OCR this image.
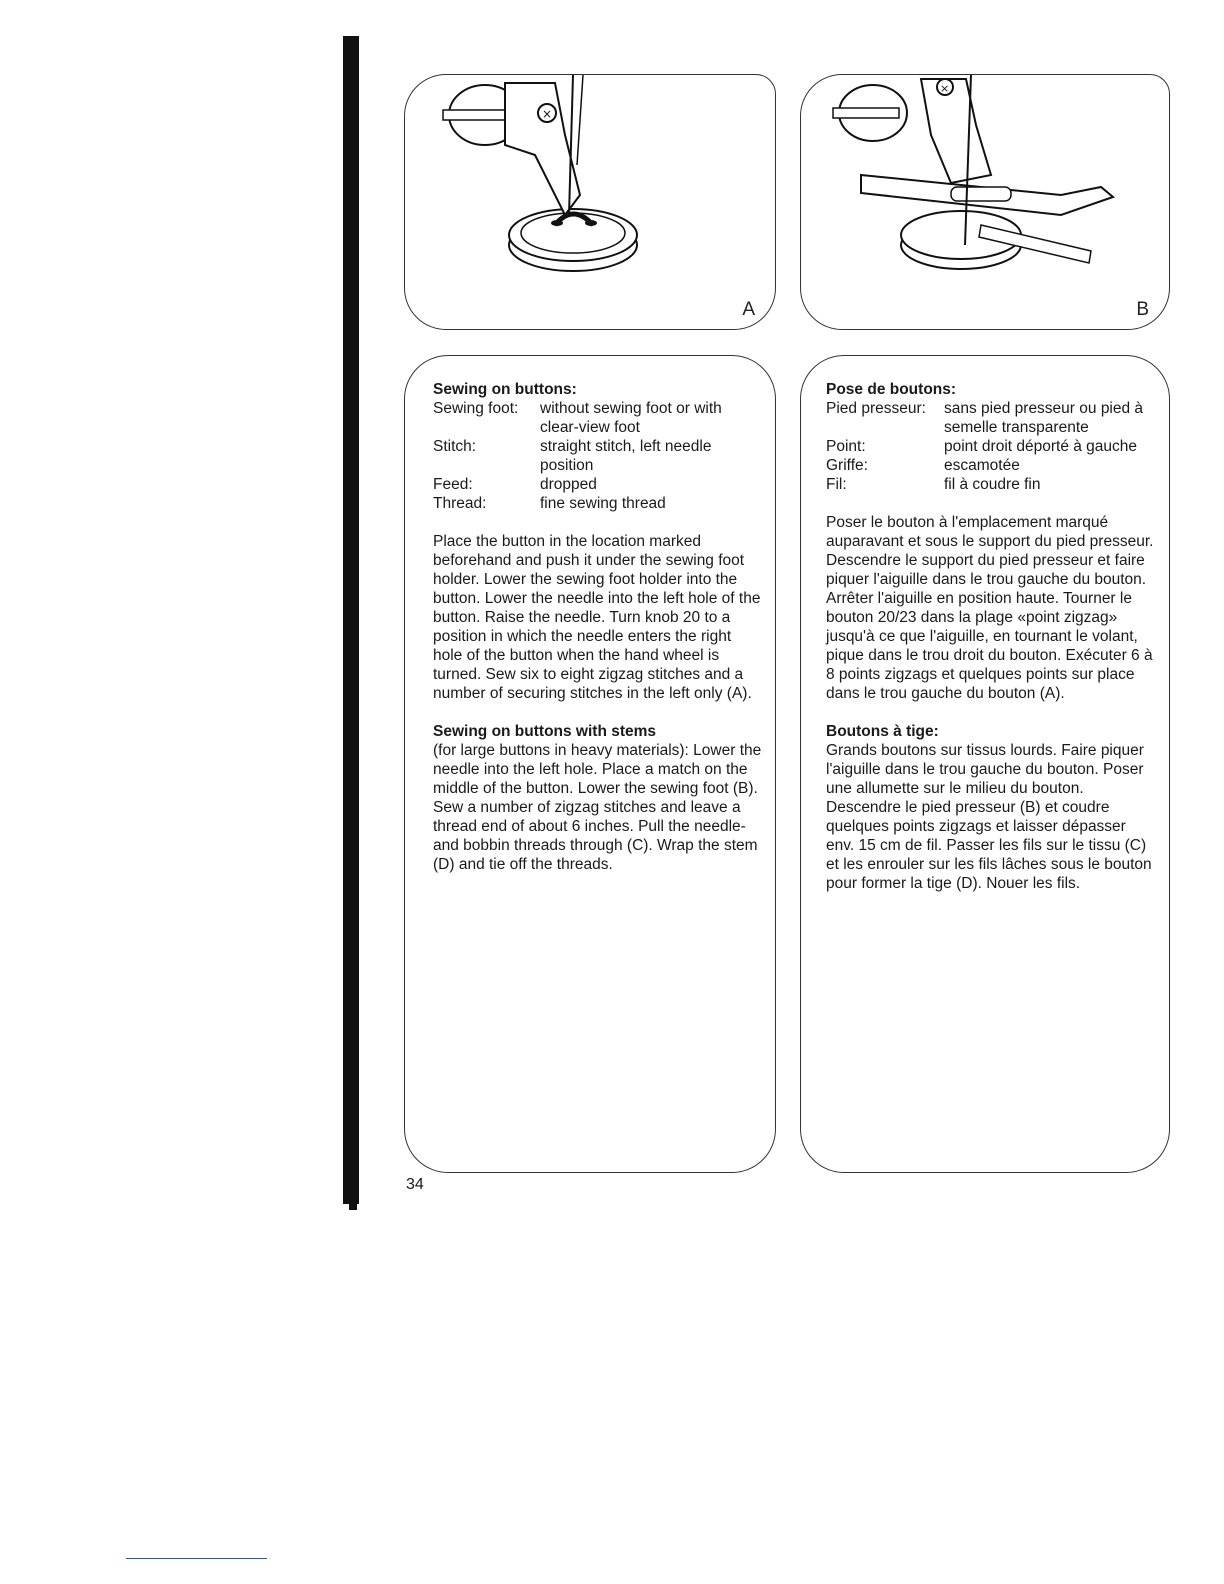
×
A
×
B
Sewing on buttons:
Sewing foot:	without sewing foot or with clear-view foot
Stitch:	straight stitch, left needle position
Feed:	dropped
Thread:	fine sewing thread

Place the button in the location marked beforehand and push it under the sewing foot holder. Lower the sewing foot holder into the button. Lower the needle into the left hole of the button. Raise the needle. Turn knob 20 to a position in which the needle enters the right hole of the button when the hand wheel is turned. Sew six to eight zigzag stitches and a number of securing stitches in the left only (A).

Sewing on buttons with stems

(for large buttons in heavy materials): Lower the needle into the left hole. Place a match on the middle of the button. Lower the sewing foot (B). Sew a number of zigzag stitches and leave a thread end of about 6 inches. Pull the needle- and bobbin threads through (C). Wrap the stem (D) and tie off the threads.

Pose de boutons:
Pied presseur:	sans pied presseur ou pied à semelle transparente
Point:	point droit déporté à gauche
Griffe:	escamotée
Fil:	fil à coudre fin

Poser le bouton à l'emplacement marqué auparavant et sous le support du pied presseur. Descendre le support du pied presseur et faire piquer l'aiguille dans le trou gauche du bouton. Arrêter l'aiguille en position haute. Tourner le bouton 20/23 dans la plage «point zigzag» jusqu'à ce que l'aiguille, en tournant le volant, pique dans le trou droit du bouton. Exécuter 6 à 8 points zigzags et quelques points sur place dans le trou gauche du bouton (A).

Boutons à tige:

Grands boutons sur tissus lourds. Faire piquer l'aiguille dans le trou gauche du bouton. Poser une allumette sur le milieu du bouton. Descendre le pied presseur (B) et coudre quelques points zigzags et laisser dépasser env. 15 cm de fil. Passer les fils sur le tissu (C) et les enrouler sur les fils lâches sous le bouton pour former la tige (D). Nouer les fils.

34
